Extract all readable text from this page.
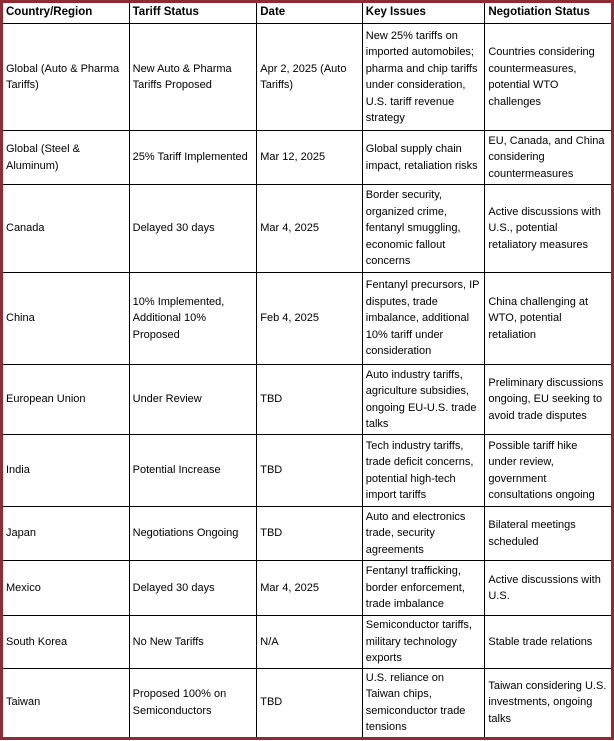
Country/Region	Tariff Status	Date	Key Issues	Negotiation Status
Global (Auto & Pharma Tariffs)	New Auto & Pharma Tariffs Proposed	Apr 2, 2025 (Auto Tariffs)	New 25% tariffs on imported automobiles; pharma and chip tariffs under consideration, U.S. tariff revenue strategy	Countries considering countermeasures, potential WTO challenges
Global (Steel & Aluminum)	25% Tariff Implemented	Mar 12, 2025	Global supply chain impact, retaliation risks	EU, Canada, and China considering countermeasures
Canada	Delayed 30 days	Mar 4, 2025	Border security, organized crime, fentanyl smuggling, economic fallout concerns	Active discussions with U.S., potential retaliatory measures
China	10% Implemented, Additional 10% Proposed	Feb 4, 2025	Fentanyl precursors, IP disputes, trade imbalance, additional 10% tariff under consideration	China challenging at WTO, potential retaliation
European Union	Under Review	TBD	Auto industry tariffs, agriculture subsidies, ongoing EU-U.S. trade talks	Preliminary discussions ongoing, EU seeking to avoid trade disputes
India	Potential Increase	TBD	Tech industry tariffs, trade deficit concerns, potential high-tech import tariffs	Possible tariff hike under review, government consultations ongoing
Japan	Negotiations Ongoing	TBD	Auto and electronics trade, security agreements	Bilateral meetings scheduled
Mexico	Delayed 30 days	Mar 4, 2025	Fentanyl trafficking, border enforcement, trade imbalance	Active discussions with U.S.
South Korea	No New Tariffs	N/A	Semiconductor tariffs, military technology exports	Stable trade relations
Taiwan	Proposed 100% on Semiconductors	TBD	U.S. reliance on Taiwan chips, semiconductor trade tensions	Taiwan considering U.S. investments, ongoing talks
